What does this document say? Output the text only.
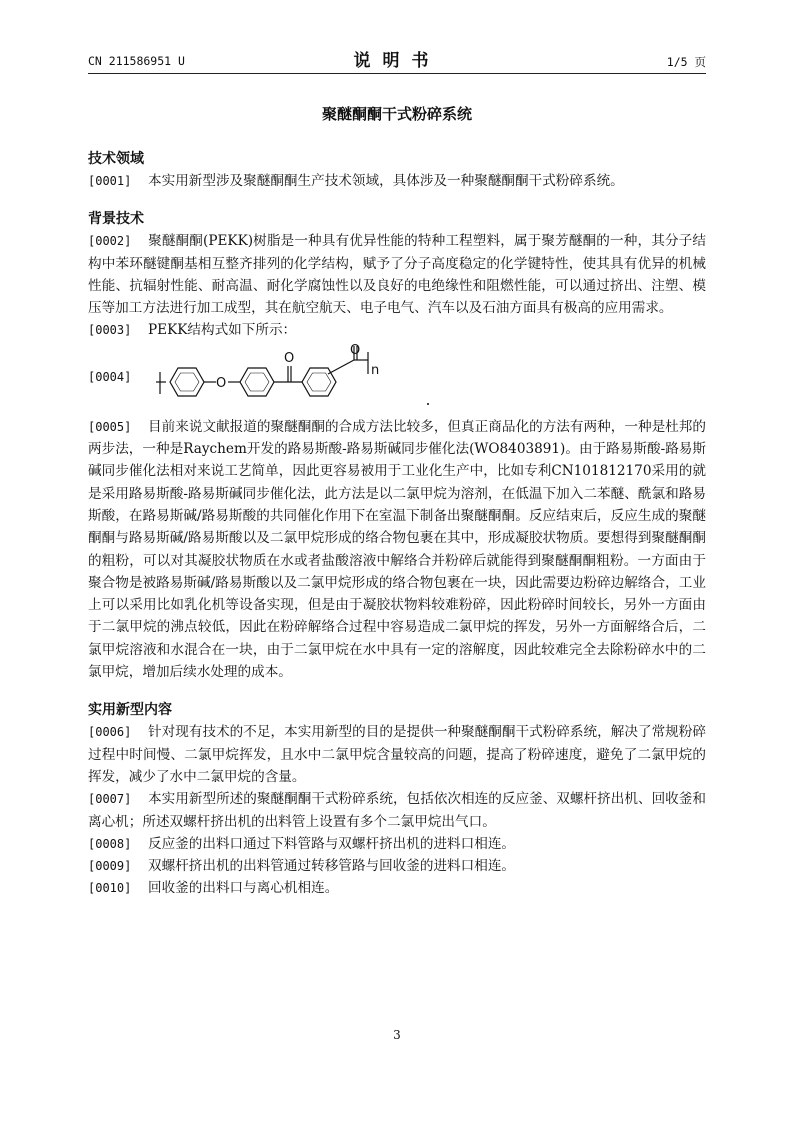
CN 211586951 U	说明书	1/5 页
聚醚酮酮干式粉碎系统
技术领域
[0001] 本实用新型涉及聚醚酮酮生产技术领域，具体涉及一种聚醚酮酮干式粉碎系统。
背景技术
[0002] 聚醚酮酮(PEKK)树脂是一种具有优异性能的特种工程塑料，属于聚芳醚酮的一种，其分子结构中苯环醚键酮基相互整齐排列的化学结构，赋予了分子高度稳定的化学键特性，使其具有优异的机械性能、抗辐射性能、耐高温、耐化学腐蚀性以及良好的电绝缘性和阻燃性能，可以通过挤出、注塑、模压等加工方法进行加工成型，其在航空航天、电子电气、汽车以及石油方面具有极高的应用需求。
[0003] PEKK结构式如下所示：
[0004]	O
O
O
n
[0005] 目前来说文献报道的聚醚酮酮的合成方法比较多，但真正商品化的方法有两种，一种是杜邦的两步法，一种是Raychem开发的路易斯酸-路易斯碱同步催化法(WO8403891)。由于路易斯酸-路易斯碱同步催化法相对来说工艺简单，因此更容易被用于工业化生产中，比如专利CN101812170采用的就是采用路易斯酸-路易斯碱同步催化法，此方法是以二氯甲烷为溶剂，在低温下加入二苯醚、酰氯和路易斯酸，在路易斯碱/路易斯酸的共同催化作用下在室温下制备出聚醚酮酮。反应结束后，反应生成的聚醚酮酮与路易斯碱/路易斯酸以及二氯甲烷形成的络合物包裹在其中，形成凝胶状物质。要想得到聚醚酮酮的粗粉，可以对其凝胶状物质在水或者盐酸溶液中解络合并粉碎后就能得到聚醚酮酮粗粉。一方面由于聚合物是被路易斯碱/路易斯酸以及二氯甲烷形成的络合物包裹在一块，因此需要边粉碎边解络合，工业上可以采用比如乳化机等设备实现，但是由于凝胶状物料较难粉碎，因此粉碎时间较长，另外一方面由于二氯甲烷的沸点较低，因此在粉碎解络合过程中容易造成二氯甲烷的挥发，另外一方面解络合后，二氯甲烷溶液和水混合在一块，由于二氯甲烷在水中具有一定的溶解度，因此较难完全去除粉碎水中的二氯甲烷，增加后续水处理的成本。
实用新型内容
[0006] 针对现有技术的不足，本实用新型的目的是提供一种聚醚酮酮干式粉碎系统，解决了常规粉碎过程中时间慢、二氯甲烷挥发，且水中二氯甲烷含量较高的问题，提高了粉碎速度，避免了二氯甲烷的挥发，减少了水中二氯甲烷的含量。
[0007] 本实用新型所述的聚醚酮酮干式粉碎系统，包括依次相连的反应釜、双螺杆挤出机、回收釜和离心机；所述双螺杆挤出机的出料管上设置有多个二氯甲烷出气口。
[0008] 反应釜的出料口通过下料管路与双螺杆挤出机的进料口相连。
[0009] 双螺杆挤出机的出料管通过转移管路与回收釜的进料口相连。
[0010] 回收釜的出料口与离心机相连。
3
